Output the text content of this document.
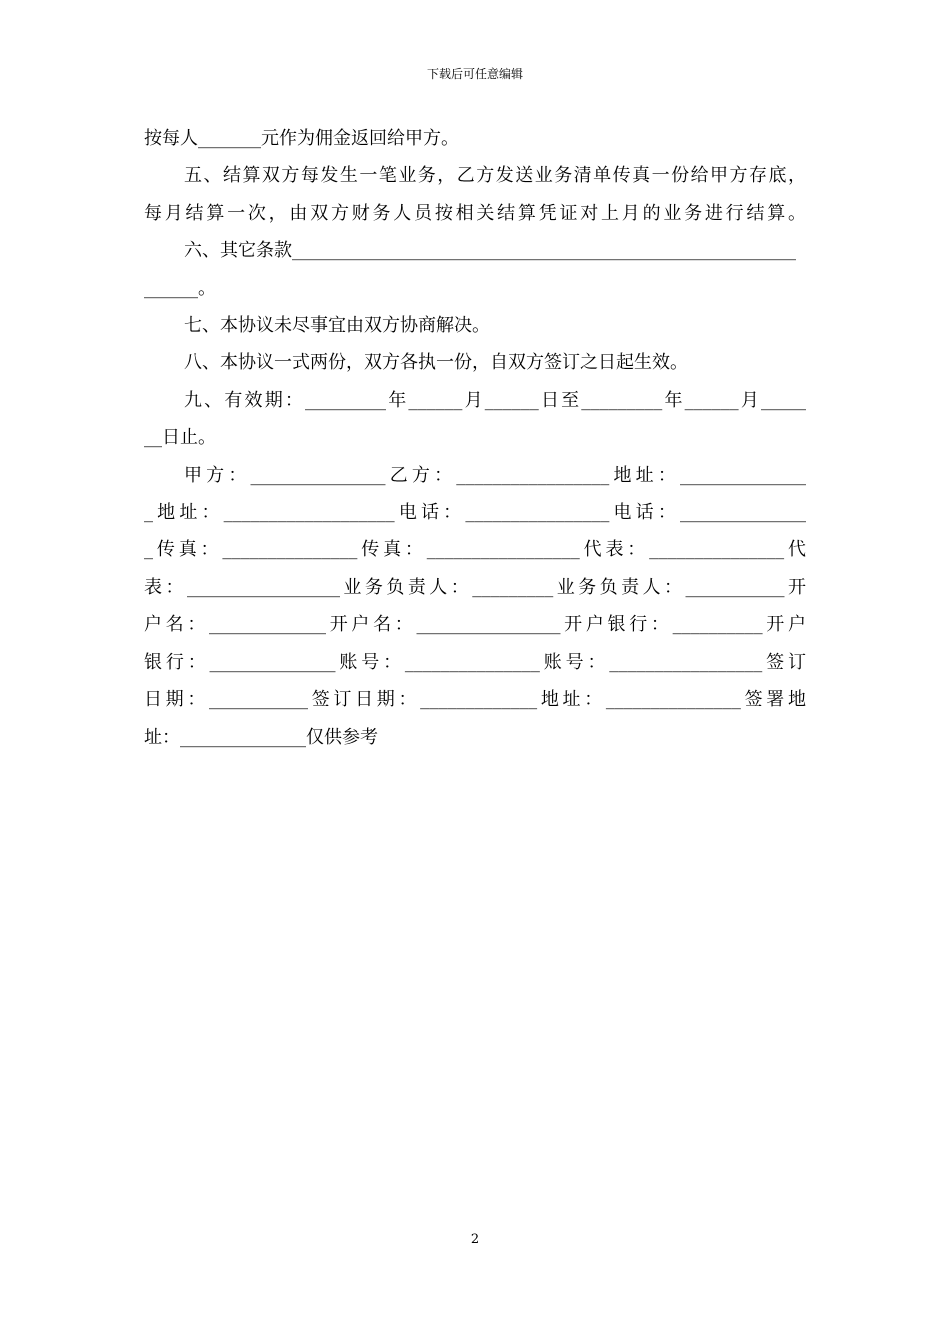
下载后可任意编辑

按每人_______元作为佣金返回给甲方。

五、结算双方每发生一笔业务，乙方发送业务清单传真一份给甲方存底，

每月结算一次，由双方财务人员按相关结算凭证对上月的业务进行结算。

六、其它条款________________________________________________________

______。

七、本协议未尽事宜由双方协商解决。

八、本协议一式两份，双方各执一份，自双方签订之日起生效。

九、有效期：_________年______月______日至_________年______月_____

__日止。

甲方：_______________乙方：_________________地址：______________

_地址：___________________电话：________________电话：______________

_传真：_______________传真：_________________代表：_______________代

表：_________________业务负责人：_________业务负责人：___________开

户名：_____________开户名：________________开户银行：__________开户

银行：______________账号：_______________账号：_________________签订

日期：___________签订日期：_____________地址：_______________签署地

址：______________仅供参考

2
